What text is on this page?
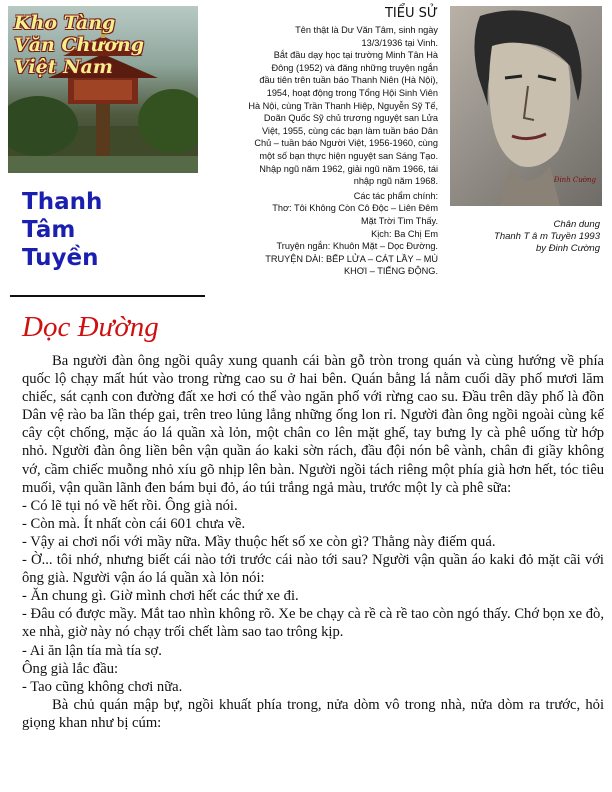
Kho Tàng
Văn Chương
Việt Nam
Thanh
Tâm
Tuyền
TIỂU SỬ

Tên thật là Dư Văn Tâm, sinh ngày

13/3/1936 tại Vinh.

Bắt đầu dạy học tại trường Minh Tân Hà

Đông (1952) và đăng những truyện ngắn

đầu tiên trên tuần báo Thanh Niên (Hà Nội),

1954, hoạt động trong Tổng Hội Sinh Viên

Hà Nội, cùng Trần Thanh Hiệp, Nguyễn Sỹ Tế,

Doãn Quốc Sỹ chủ trương nguyệt san Lửa

Việt, 1955, cùng các bạn làm tuần báo Dân

Chủ – tuần báo Người Việt, 1956-1960, cùng

một số bạn thực hiện nguyệt san Sáng Tạo.

Nhập ngũ năm 1962, giải ngũ năm 1966, tái

nhập ngũ năm 1968.

Các tác phẩm chính:

Thơ: Tôi Không Còn Cô Độc – Liên Đêm

Mặt Trời Tìm Thấy.

Kịch: Ba Chị Em

Truyện ngắn: Khuôn Mặt – Dọc Đường.

TRUYỆN DÀI: BẾP LỬA – CÁT LẦY – MÙ

KHƠI – TIẾNG ĐỘNG.

Đinh Cường
Chân dung
Thanh T â m Tuyền 1993
by Đinh Cường
Dọc Đường

Ba người đàn ông ngồi quây xung quanh cái bàn gỗ tròn trong quán và cùng hướng về phía quốc lộ chạy mất hút vào trong rừng cao su ở hai bên. Quán bằng lá nằm cuối dãy phố mươi lăm chiếc, sát cạnh con đường đất xe hơi có thể vào ngăn phố với rừng cao su. Đầu trên dãy phố là đồn Dân vệ rào ba lần thép gai, trên treo lủng lẳng những ống lon rỉ. Người đàn ông ngồi ngoài cùng kế cây cột chống, mặc áo lá quần xà lỏn, một chân co lên mặt ghế, tay bưng ly cà phê uống từ hớp nhỏ. Người đàn ông liền bên vận quần áo kaki sờn rách, đầu đội nón bê vành, chân đi giầy không vớ, cầm chiếc muỗng nhỏ xíu gõ nhịp lên bàn. Người ngồi tách riêng một phía già hơn hết, tóc tiêu muối, vận quần lãnh đen bám bụi đỏ, áo túi trắng ngả màu, trước một ly cà phê sữa:

- Có lẽ tụi nó về hết rồi. Ông già nói.

- Còn mà. Ít nhất còn cái 601 chưa về.

- Vậy ai chơi nổi với mầy nữa. Mầy thuộc hết số xe còn gì? Thằng này điếm quá.

- Ờ... tôi nhớ, nhưng biết cái nào tới trước cái nào tới sau? Người vận quần áo kaki đỏ mặt cãi với ông già. Người vận áo lá quần xà lỏn nói:

- Ăn chung gì. Giờ mình chơi hết các thứ xe đi.

- Đâu có được mầy. Mắt tao nhìn không rõ. Xe be chạy cà rề cà rề tao còn ngó thấy. Chớ bọn xe đò, xe nhà, giờ này nó chạy trối chết làm sao tao trông kịp.

- Ai ăn lận tía mà tía sợ.

Ông già lắc đầu:

- Tao cũng không chơi nữa.

Bà chủ quán mập bự, ngồi khuất phía trong, nửa dòm vô trong nhà, nửa dòm ra trước, hỏi giọng khan như bị cúm:
